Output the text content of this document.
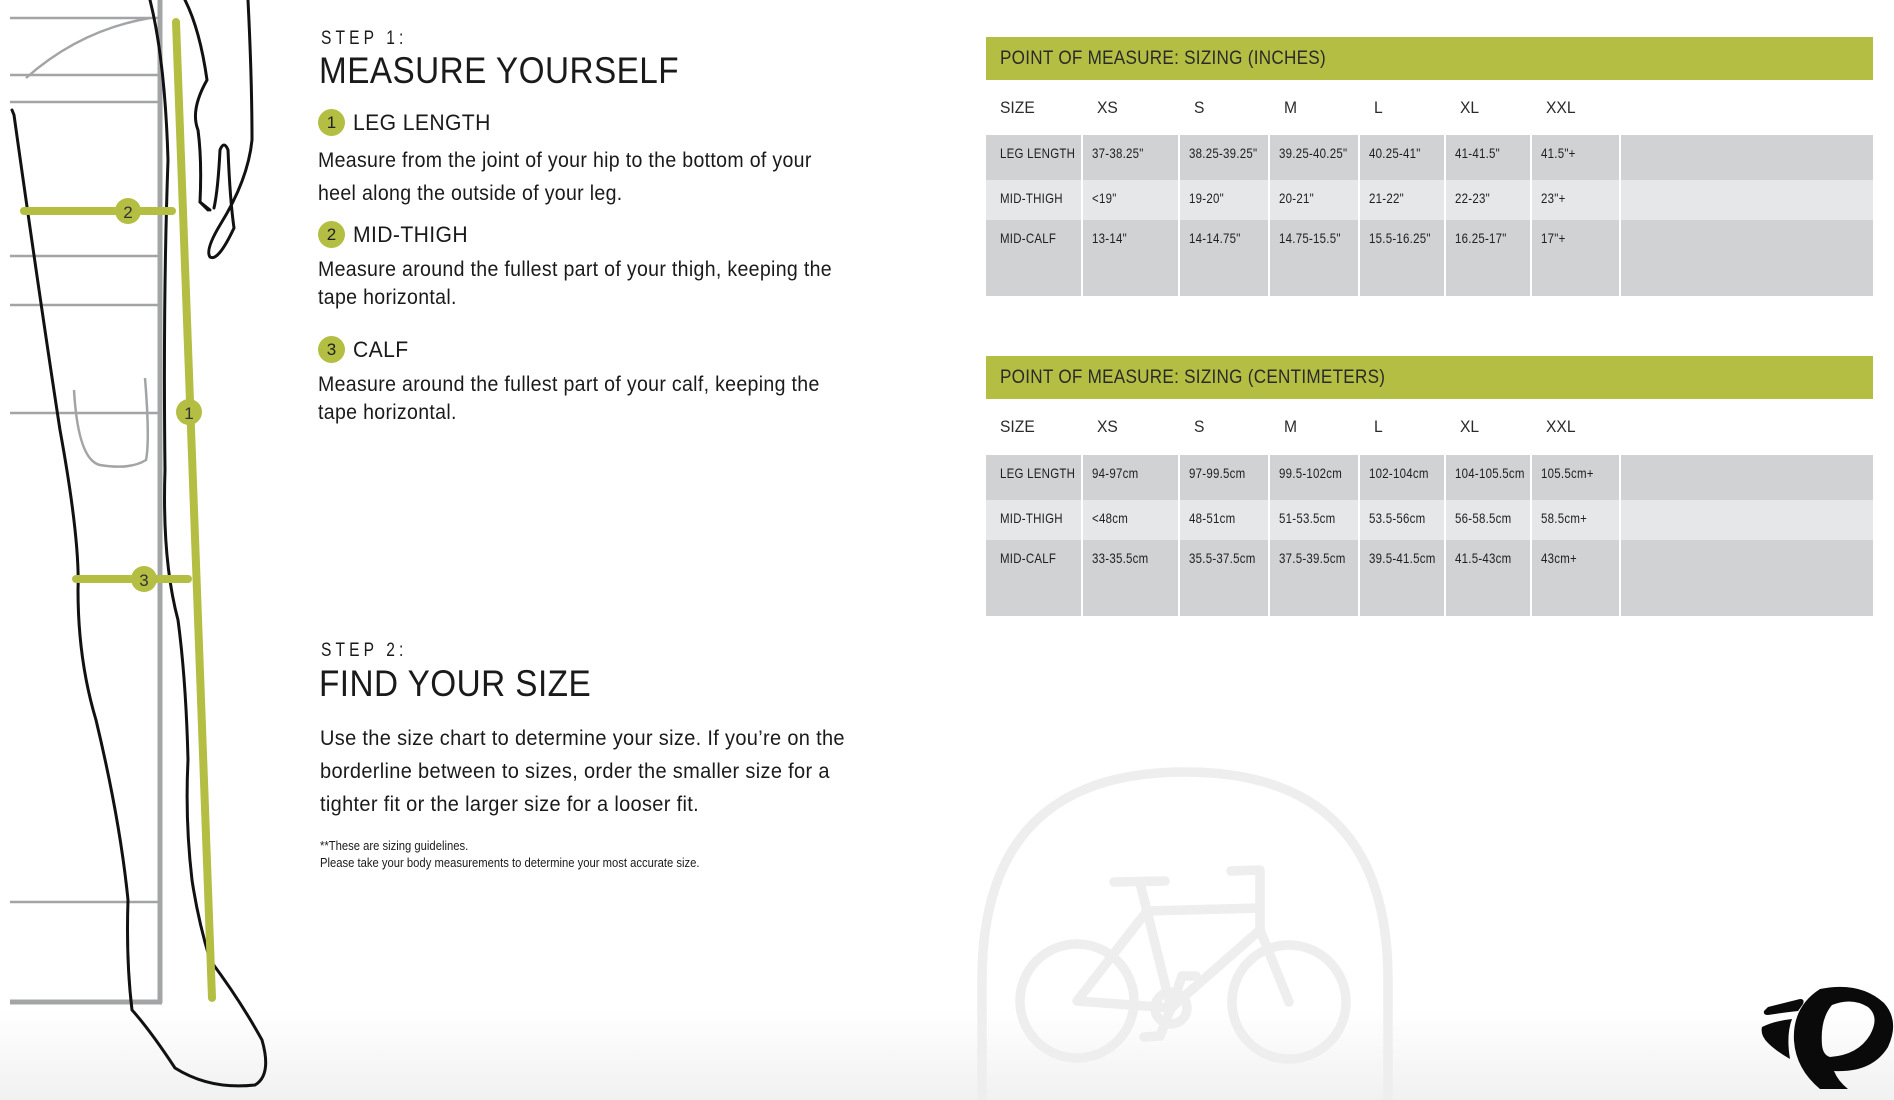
1
2
3
STEP 1:
MEASURE YOURSELF
1 LEG LENGTH
Measure from the joint of your hip to the bottom of your
heel along the outside of your leg.
2 MID-THIGH
Measure around the fullest part of your thigh, keeping the
tape horizontal.
3 CALF
Measure around the fullest part of your calf, keeping the
tape horizontal.
STEP 2:
FIND YOUR SIZE
Use the size chart to determine your size. If you’re on the
borderline between to sizes, order the smaller size for a
tighter fit or the larger size for a looser fit.
**These are sizing guidelines.
Please take your body measurements to determine your most accurate size.
POINT OF MEASURE: SIZING (INCHES)
SIZE	XS	S	M	L	XL	XXL
LEG LENGTH	37-38.25ʺ	38.25-39.25ʺ	39.25-40.25ʺ	40.25-41ʺ	41-41.5ʺ	41.5ʺ+
MID-THIGH	<19ʺ	19-20ʺ	20-21ʺ	21-22ʺ	22-23ʺ	23ʺ+
MID-CALF	13-14ʺ	14-14.75ʺ	14.75-15.5ʺ	15.5-16.25ʺ	16.25-17ʺ	17ʺ+
POINT OF MEASURE: SIZING (CENTIMETERS)
SIZE	XS	S	M	L	XL	XXL
LEG LENGTH	94-97cm	97-99.5cm	99.5-102cm	102-104cm	104-105.5cm	105.5cm+
MID-THIGH	<48cm	48-51cm	51-53.5cm	53.5-56cm	56-58.5cm	58.5cm+
MID-CALF	33-35.5cm	35.5-37.5cm	37.5-39.5cm	39.5-41.5cm	41.5-43cm	43cm+
